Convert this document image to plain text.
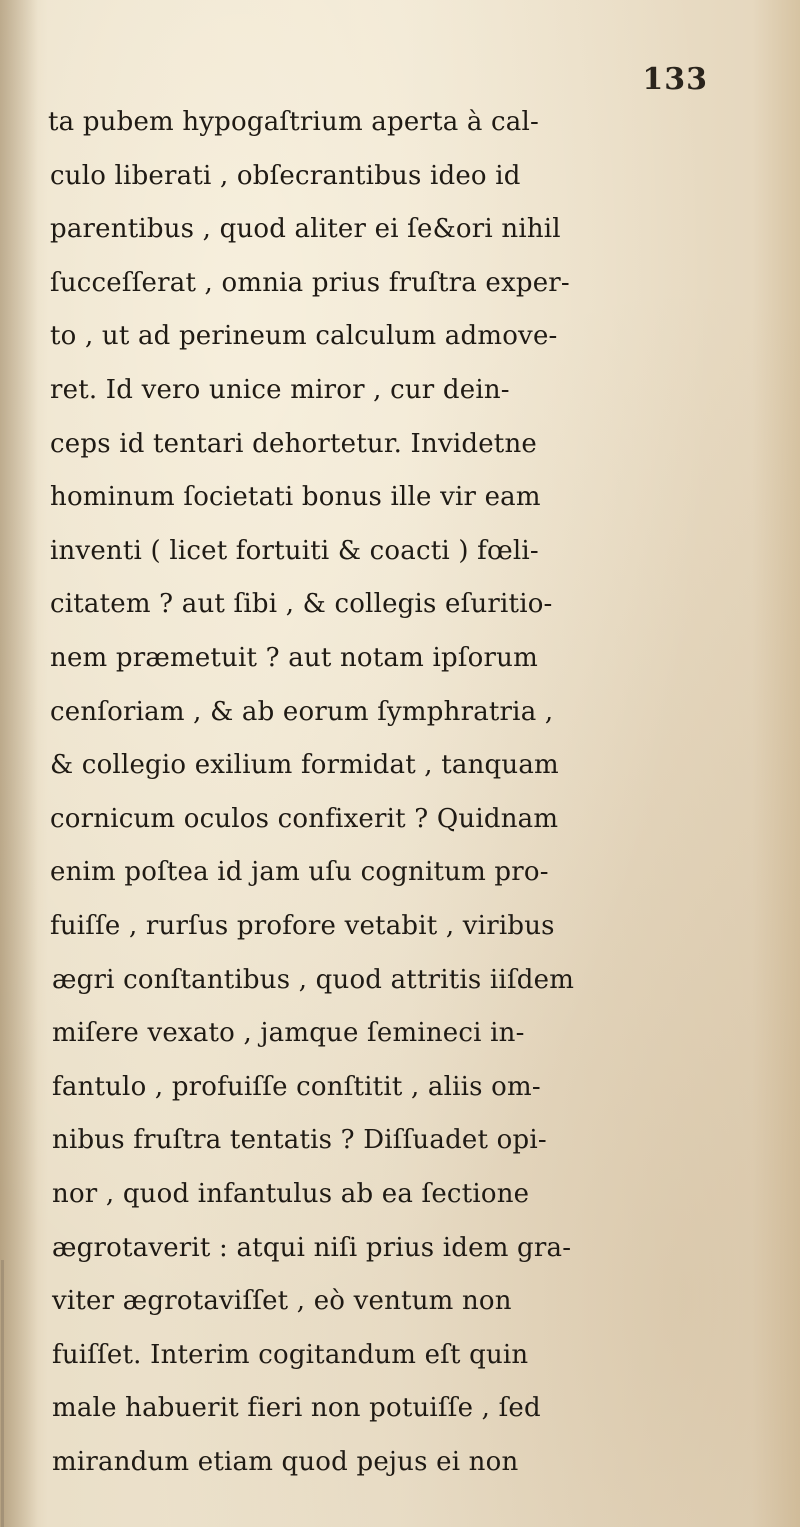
133
ta pubem hypogaſtrium aperta à cal-
culo liberati , obſecrantibus ideo id
parentibus , quod aliter ei ſe&ori nihil
ſucceſſerat , omnia prius fruſtra exper-
to , ut ad perineum calculum admove-
ret. Id vero unice miror , cur dein-
ceps id tentari dehortetur. Invidetne
hominum ſocietati bonus ille vir eam
inventi ( licet fortuiti & coacti ) fœli-
citatem ? aut ſibi , & collegis eſuritio-
nem præmetuit ? aut notam ipſorum
cenſoriam , & ab eorum ſymphratria ,
& collegio exilium formidat , tanquam
cornicum oculos confixerit ? Quidnam
enim poſtea id jam uſu cognitum pro-
fuiſſe , rurſus profore vetabit , viribus
ægri conſtantibus , quod attritis iiſdem
miſere vexato , jamque ſemineci in-
fantulo , profuiſſe conſtitit , aliis om-
nibus fruſtra tentatis ? Diſſuadet opi-
nor , quod infantulus ab ea ſectione
ægrotaverit : atqui niſi prius idem gra-
viter ægrotaviſſet , eò ventum non
fuiſſet. Interim cogitandum eſt quin
male habuerit fieri non potuiſſe , ſed
mirandum etiam quod pejus ei non
